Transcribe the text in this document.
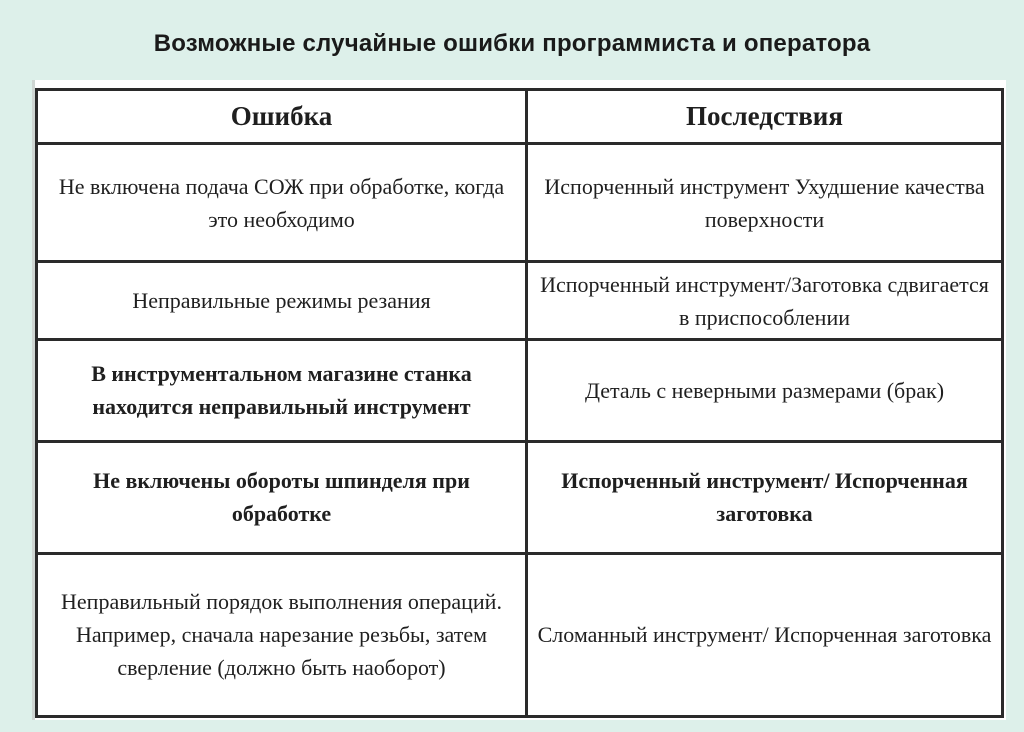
Возможные случайные ошибки программиста и оператора
Ошибка	Последствия
Не включена подача СОЖ при обработке, когда это необходимо	Испорченный инструмент Ухудшение качества поверхности
Неправильные режимы резания	Испорченный инструмент/Заготовка сдвигается в приспособлении
В инструментальном магазине станка находится неправильный инструмент	Деталь с неверными размерами (брак)
Не включены обороты шпинделя при обработке	Испорченный инструмент/ Испорченная заготовка
Неправильный порядок выполнения операций. Например, сначала нарезание резьбы, затем сверление (должно быть наоборот)	Сломанный инструмент/ Испорченная заготовка
